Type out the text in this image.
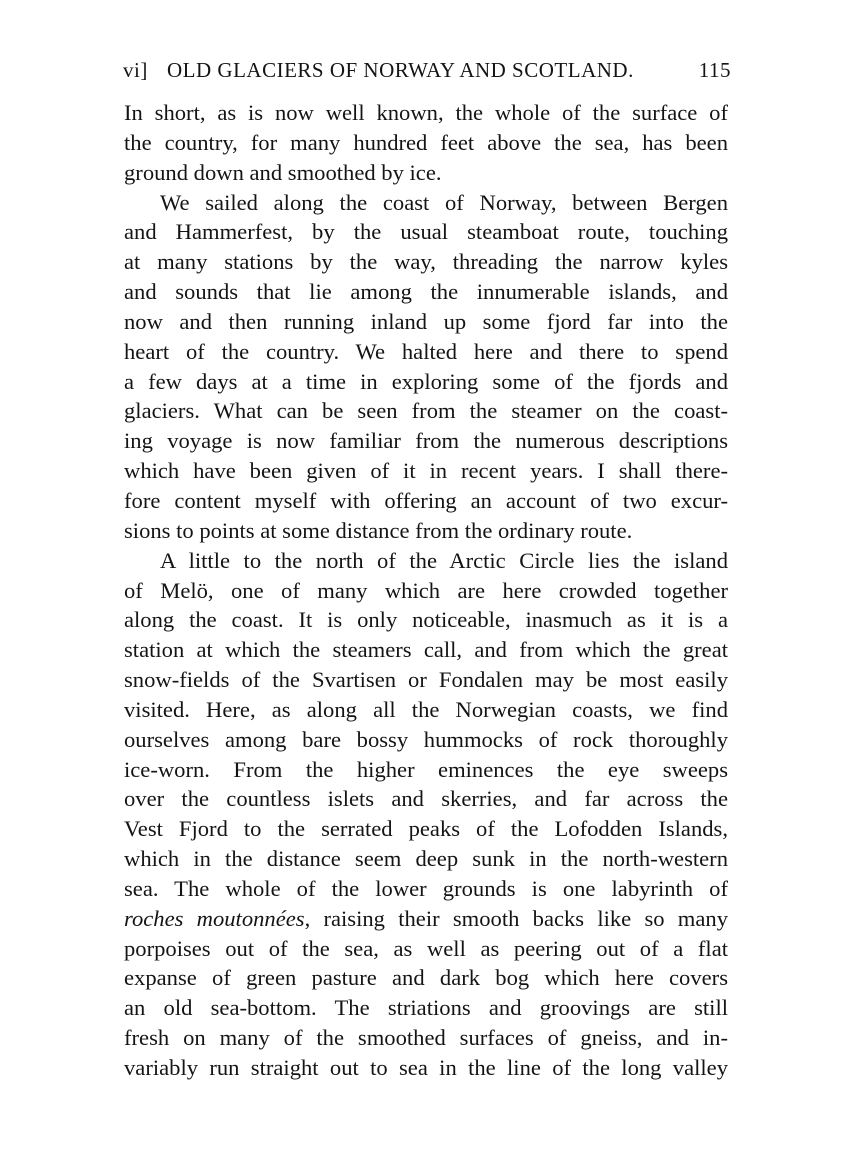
vi] OLD GLACIERS OF NORWAY AND SCOTLAND.	115
In short, as is now well known, the whole of the surface of
the country, for many hundred feet above the sea, has been
ground down and smoothed by ice.
We sailed along the coast of Norway, between Bergen
and Hammerfest, by the usual steamboat route, touching
at many stations by the way, threading the narrow kyles
and sounds that lie among the innumerable islands, and
now and then running inland up some fjord far into the
heart of the country. We halted here and there to spend
a few days at a time in exploring some of the fjords and
glaciers. What can be seen from the steamer on the coast-
ing voyage is now familiar from the numerous descriptions
which have been given of it in recent years. I shall there-
fore content myself with offering an account of two excur-
sions to points at some distance from the ordinary route.
A little to the north of the Arctic Circle lies the island
of Melö, one of many which are here crowded together
along the coast. It is only noticeable, inasmuch as it is a
station at which the steamers call, and from which the great
snow-fields of the Svartisen or Fondalen may be most easily
visited. Here, as along all the Norwegian coasts, we find
ourselves among bare bossy hummocks of rock thoroughly
ice-worn. From the higher eminences the eye sweeps
over the countless islets and skerries, and far across the
Vest Fjord to the serrated peaks of the Lofodden Islands,
which in the distance seem deep sunk in the north-western
sea. The whole of the lower grounds is one labyrinth of
roches moutonnées, raising their smooth backs like so many
porpoises out of the sea, as well as peering out of a flat
expanse of green pasture and dark bog which here covers
an old sea-bottom. The striations and groovings are still
fresh on many of the smoothed surfaces of gneiss, and in-
variably run straight out to sea in the line of the long valley
